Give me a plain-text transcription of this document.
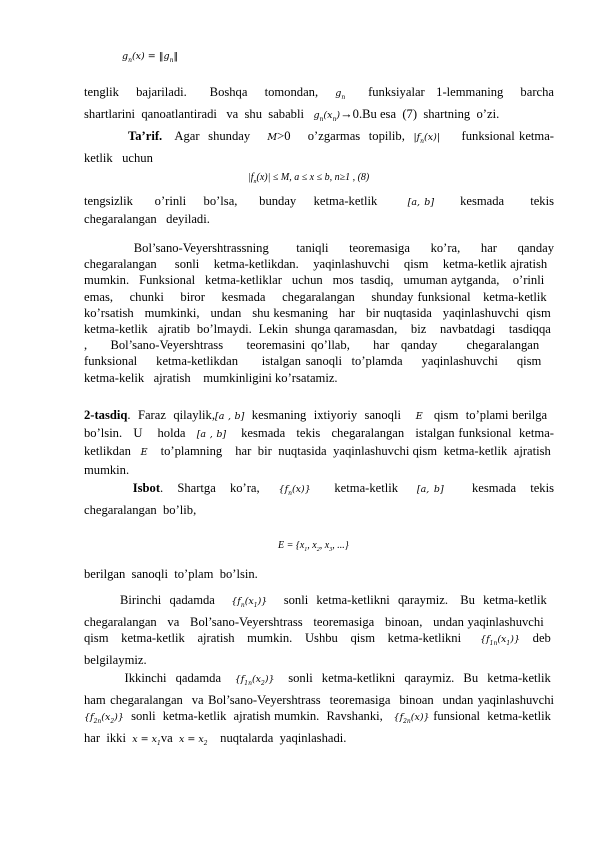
$g_n(x)$ = $‖g_n‖$

tenglik   bajariladi.    Boshqa   tomondan,   $g_n$    funksiyalar  1-lemmaning   barcha shartlarini  qanoatlantiradi   va  shu  sababli   $g_n(x_n)\to 0.Bu$ esa  (7)  shartning  o’zi.

Ta’rif.   Agar  shunday    M>0    o’zgarmas  topilib,  $|f_n(x)|$     funksional ketma-ketlik   uchun

$|f_n(x)| \le M$, a ≤ x ≤ b, n≥1 , (8)

tengsizlik     o’rinli    bo’lsa,     bunday    ketma-ketlik       [a, b]      kesmada      tekis chegaralangan   deyiladi.

Bol’sano-Veyershtrassning    taniqli   teoremasiga   ko’ra,   har   qanday chegaralangan     sonli    ketma-ketlikdan.    yaqinlashuvchi    qism    ketma-ketlik ajratish   mumkin.   Funksional   ketma-ketliklar   uchun   mos  tasdiq,   umuman aytganda,    o’rinli    emas,    chunki    biror    kesmada    chegaralangan    shunday funksional   ketma-ketlik   ko’rsatish   mumkinki,   undan   shu kesmaning   har   bir nuqtasida   yaqinlashuvchi  qism  ketma-ketlik   ajratib  bo’lmaydi.  Lekin  shunga qaramasdan,    biz    navbatdagi    tasdiqqa  ,    Bol’sano-Veyershtrass    teoremasini qo’llab,    har  qanday     chegaralangan    funksional    ketma-ketlikdan     istalgan sanoqli  to’plamda    yaqinlashuvchi    qism    ketma-kelik   ajratish    mumkinligini ko’rsatamiz.

2-tasdiq.  Faraz  qilaylik,[a , b]  kesmaning  ixtiyoriy  sanoqli    E   qism  to’plami berilga   bo’lsin.   U    holda   [a , b]    kesmada   tekis   chegaralangan   istalgan funksional  ketma-ketlikdan   E    to’plamning    har  bir  nuqtasida  yaqinlashuvchi qism  ketma-ketlik  ajratish  mumkin.

Isbot.   Shartga   ko’ra,    $\{f_n(x)\}$     ketma-ketlik    [a, b]      kesmada   tekis chegaralangan  bo’lib,

$E = \{x_1$, $x_2$, $x_3$, ...}

berilgan  sanoqli  to’plam  bo’lsin.

Birinchi  qadamda    $\{f_n(x_1)\}$    sonli  ketma-ketlikni  qaraymiz.   Bu  ketma-ketlik   chegaralangan   va   Bol’sano-Veyershtrass   teoremasiga   binoan,   undan yaqinlashuvchi    qism    ketma-ketlik    ajratish    mumkin.    Ushbu    qism    ketma-ketlikni      $\{f_{1n}(x_1)\}$    deb  belgilaymiz.

Ikkinchi  qadamda   $\{f_{1n}(x_2)\}$   sonli  ketma-ketlikni  qaraymiz.  Bu  ketma-ketlik  ham chegaralangan  va Bol’sano-Veyershtrass  teoremasiga  binoan  undan yaqinlashuvchi $\{f_{2n}(x_2)\}$  sonli  ketma-ketlik  ajratish mumkin.  Ravshanki,   $\{f_{2n}(x)\}$ funsional  ketma-ketlik  har  ikki  $x = x_1va$  $x = x_2$    nuqtalarda  yaqinlashadi.
